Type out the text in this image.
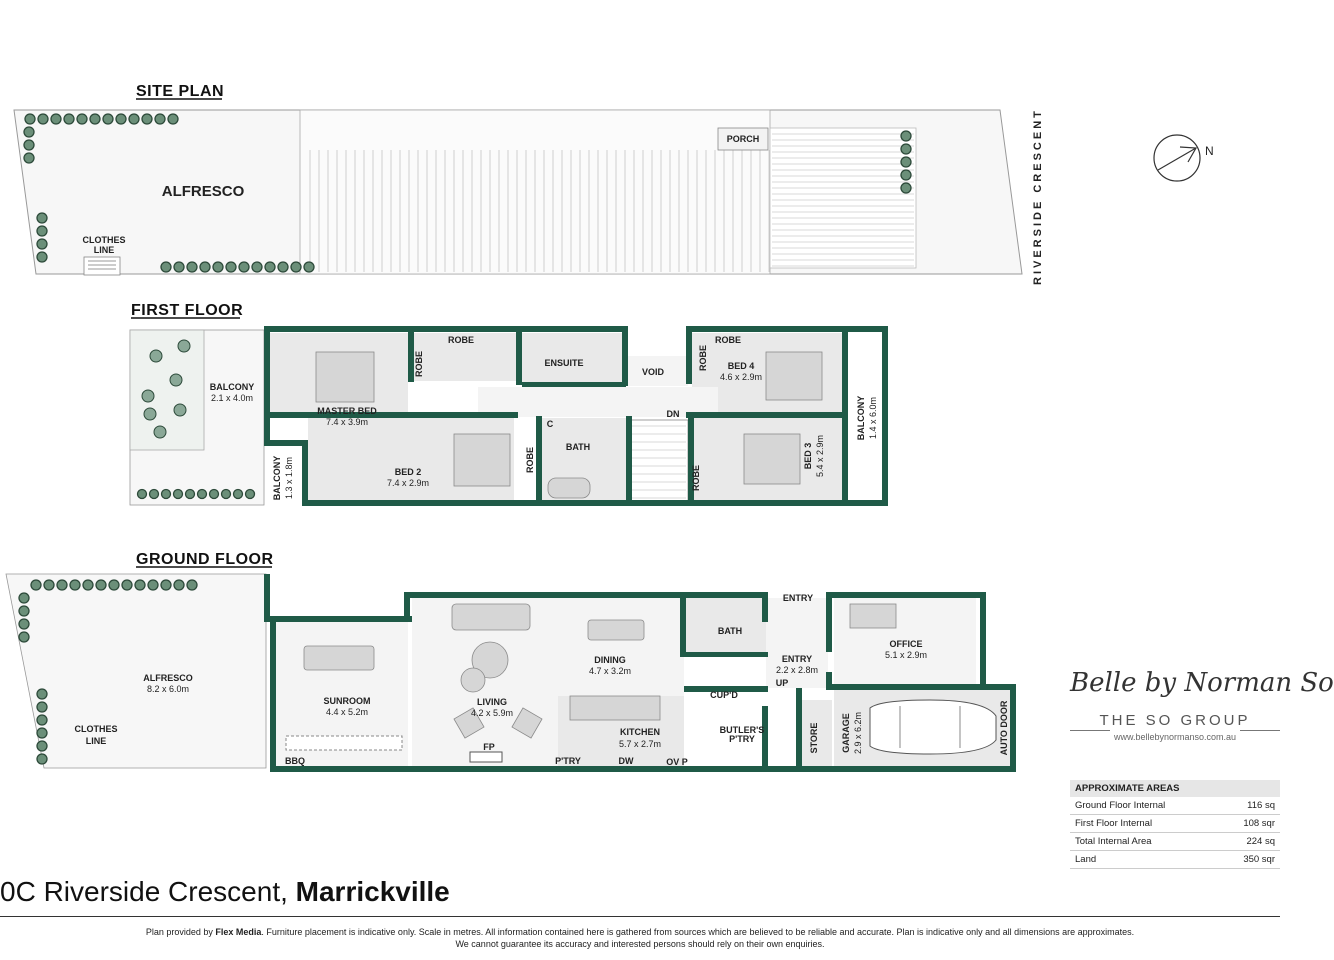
SITE PLAN
PORCH
ALFRESCO
CLOTHES
LINE	RIVERSIDE CRESCENT	N
FIRST FLOOR
BALCONY
2.1 x 4.0m
MASTER BED
7.4 x 3.9m
ROBE
ENSUITE
VOID
BED 2
7.4 x 2.9m
C
BATH
DN
BED 4
4.6 x 2.9m
ROBE
ROBE
ROBE
ROBE
ROBE
BALCONY 1.3 x 1.8m
BED 3 5.4 x 2.9m
BALCONY 1.4 x 6.0m
GROUND FLOOR
ALFRESCO
8.2 x 6.0m
CLOTHES
LINE
SUNROOM
4.4 x 5.2m
BBQ
LIVING
4.2 x 5.9m
FP
DINING
4.7 x 3.2m
KITCHEN
5.7 x 2.7m
P'TRY	DW	OV P
BATH
CUP'D
BUTLER'S
P'TRY
ENTRY
ENTRY
2.2 x 2.8m
UP
OFFICE
5.1 x 2.9m
STORE GARAGE 2.9 x 6.2m	AUTO DOOR
Belle by Norman So
THE SO GROUP
www.bellebynormanso.com.au
APPROXIMATE AREAS
Ground Floor Internal	116 sq
First Floor Internal	108 sqr
Total Internal Area	224 sq
Land	350 sqr
0C Riverside Crescent, Marrickville
Plan provided by Flex Media. Furniture placement is indicative only. Scale in metres. All information contained here is gathered from sources which are believed to be reliable and accurate. Plan is indicative only and all dimensions are approximates.
We cannot guarantee its accuracy and interested persons should rely on their own enquiries.
